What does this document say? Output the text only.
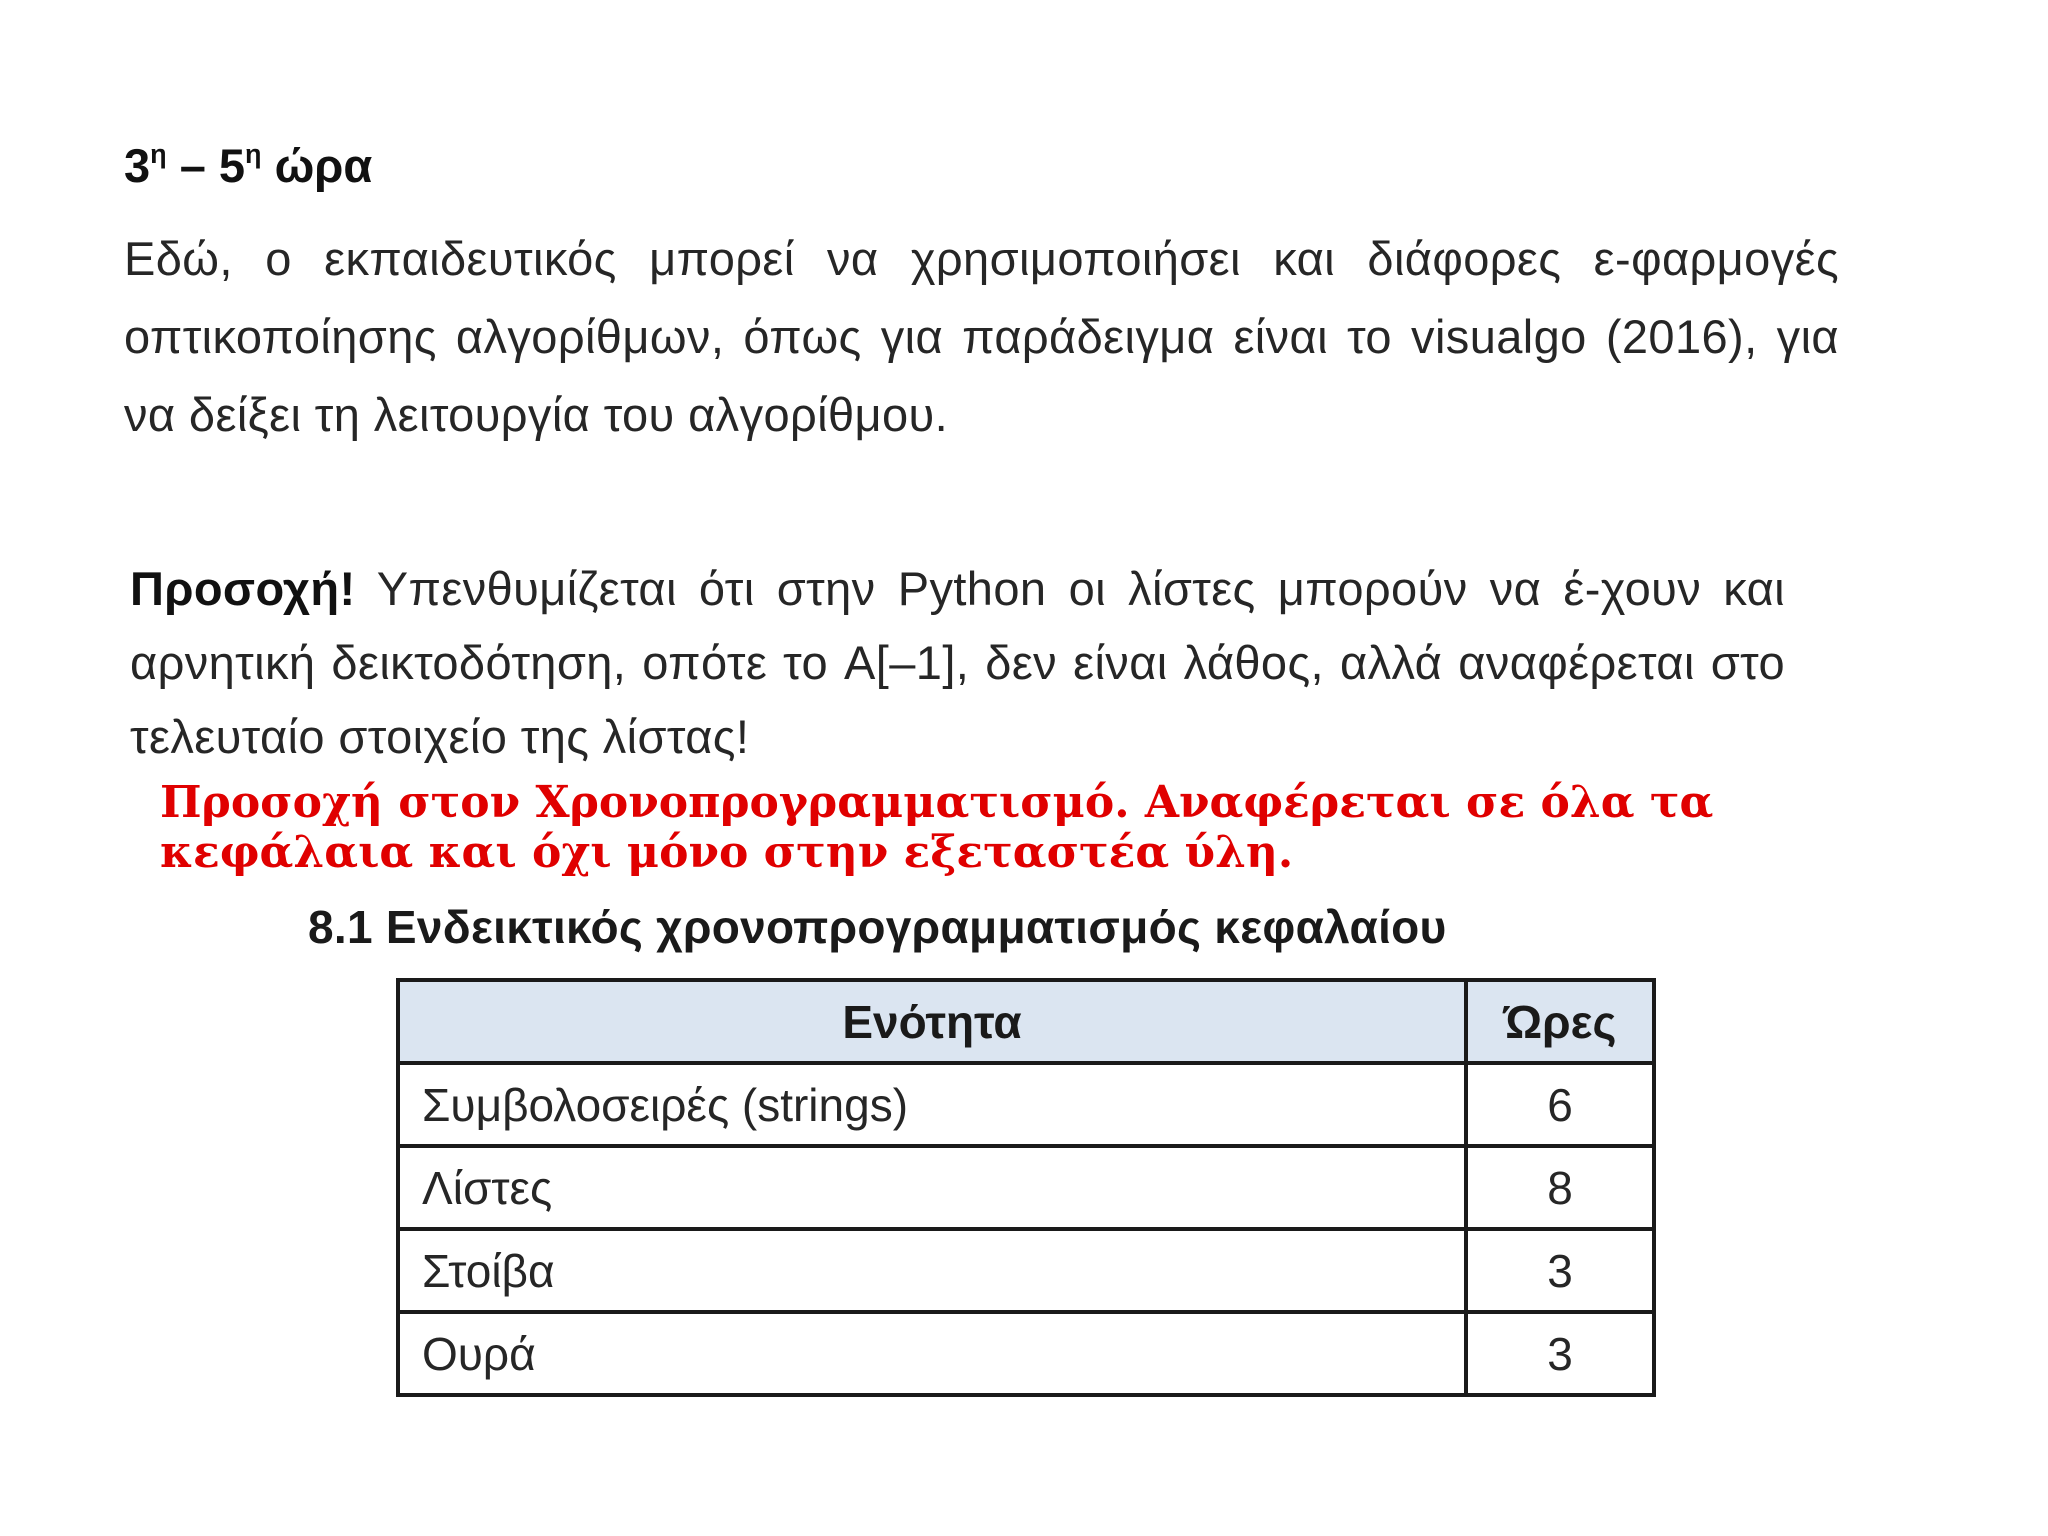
$3^\eta - 5^\eta$ ώρα

Εδώ, ο εκπαιδευτικός μπορεί να χρησιμοποιήσει και διάφορες ε-φαρμογές οπτικοποίησης αλγορίθμων, όπως για παράδειγμα είναι το visualgo (2016), για να δείξει τη λειτουργία του αλγορίθμου.

Προσοχή! Υπενθυμίζεται ότι στην Python οι λίστες μπορούν να έ-χουν και αρνητική δεικτοδότηση, οπότε το A[–1], δεν είναι λάθος, αλλά αναφέρεται στο τελευταίο στοιχείο της λίστας!

Προσοχή στον Χρονοπρογραμματισμό. Αναφέρεται σε όλα τα κεφάλαια και όχι μόνο στην εξεταστέα ύλη.

8.1 Ενδεικτικός χρονοπρογραμματισμός κεφαλαίου
Ενότητα	Ώρες
Συμβολοσειρές (strings)	6
Λίστες	8
Στοίβα	3
Ουρά	3
